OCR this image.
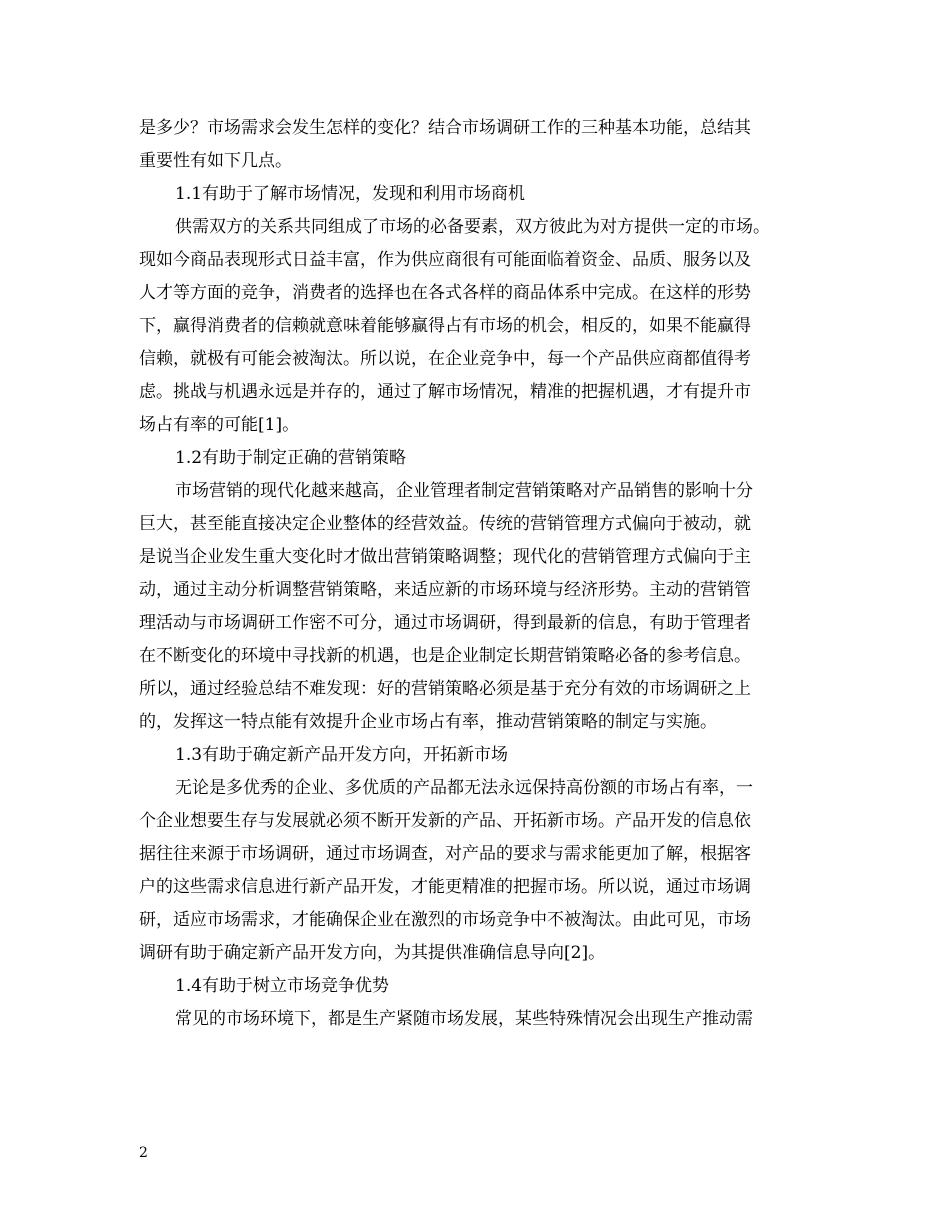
是多少？市场需求会发生怎样的变化？结合市场调研工作的三种基本功能，总结其
重要性有如下几点。
1.1有助于了解市场情况，发现和利用市场商机
供需双方的关系共同组成了市场的必备要素，双方彼此为对方提供一定的市场。
现如今商品表现形式日益丰富，作为供应商很有可能面临着资金、品质、服务以及
人才等方面的竞争，消费者的选择也在各式各样的商品体系中完成。在这样的形势
下，赢得消费者的信赖就意味着能够赢得占有市场的机会，相反的，如果不能赢得
信赖，就极有可能会被淘汰。所以说，在企业竞争中，每一个产品供应商都值得考
虑。挑战与机遇永远是并存的，通过了解市场情况，精准的把握机遇，才有提升市
场占有率的可能[1]。
1.2有助于制定正确的营销策略
市场营销的现代化越来越高，企业管理者制定营销策略对产品销售的影响十分
巨大，甚至能直接决定企业整体的经营效益。传统的营销管理方式偏向于被动，就
是说当企业发生重大变化时才做出营销策略调整；现代化的营销管理方式偏向于主
动，通过主动分析调整营销策略，来适应新的市场环境与经济形势。主动的营销管
理活动与市场调研工作密不可分，通过市场调研，得到最新的信息，有助于管理者
在不断变化的环境中寻找新的机遇，也是企业制定长期营销策略必备的参考信息。
所以，通过经验总结不难发现：好的营销策略必须是基于充分有效的市场调研之上
的，发挥这一特点能有效提升企业市场占有率，推动营销策略的制定与实施。
1.3有助于确定新产品开发方向，开拓新市场
无论是多优秀的企业、多优质的产品都无法永远保持高份额的市场占有率，一
个企业想要生存与发展就必须不断开发新的产品、开拓新市场。产品开发的信息依
据往往来源于市场调研，通过市场调查，对产品的要求与需求能更加了解，根据客
户的这些需求信息进行新产品开发，才能更精准的把握市场。所以说，通过市场调
研，适应市场需求，才能确保企业在激烈的市场竞争中不被淘汰。由此可见，市场
调研有助于确定新产品开发方向，为其提供准确信息导向[2]。
1.4有助于树立市场竞争优势
常见的市场环境下，都是生产紧随市场发展，某些特殊情况会出现生产推动需
2
